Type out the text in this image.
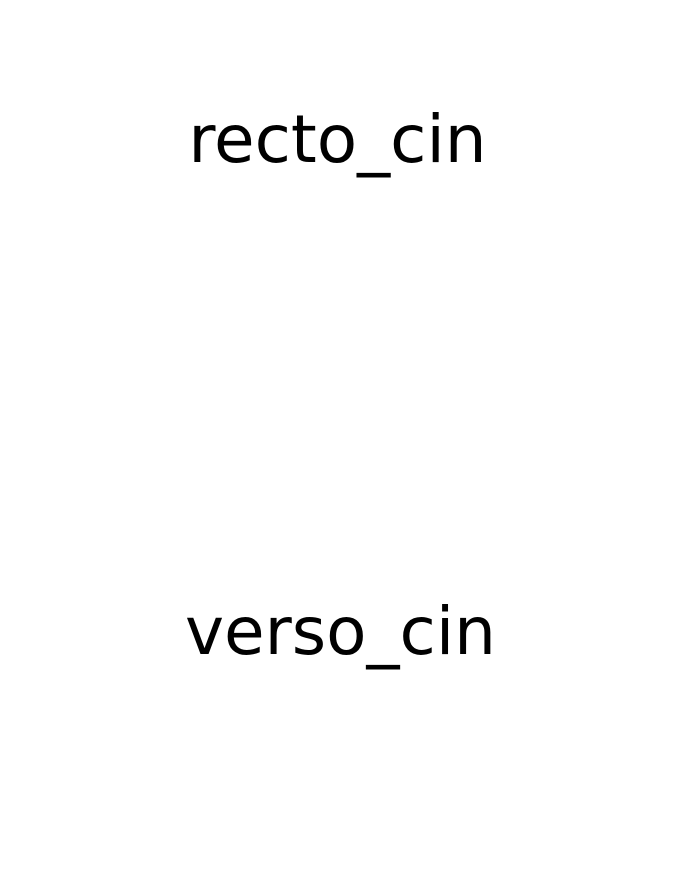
recto_cin
verso_cin
